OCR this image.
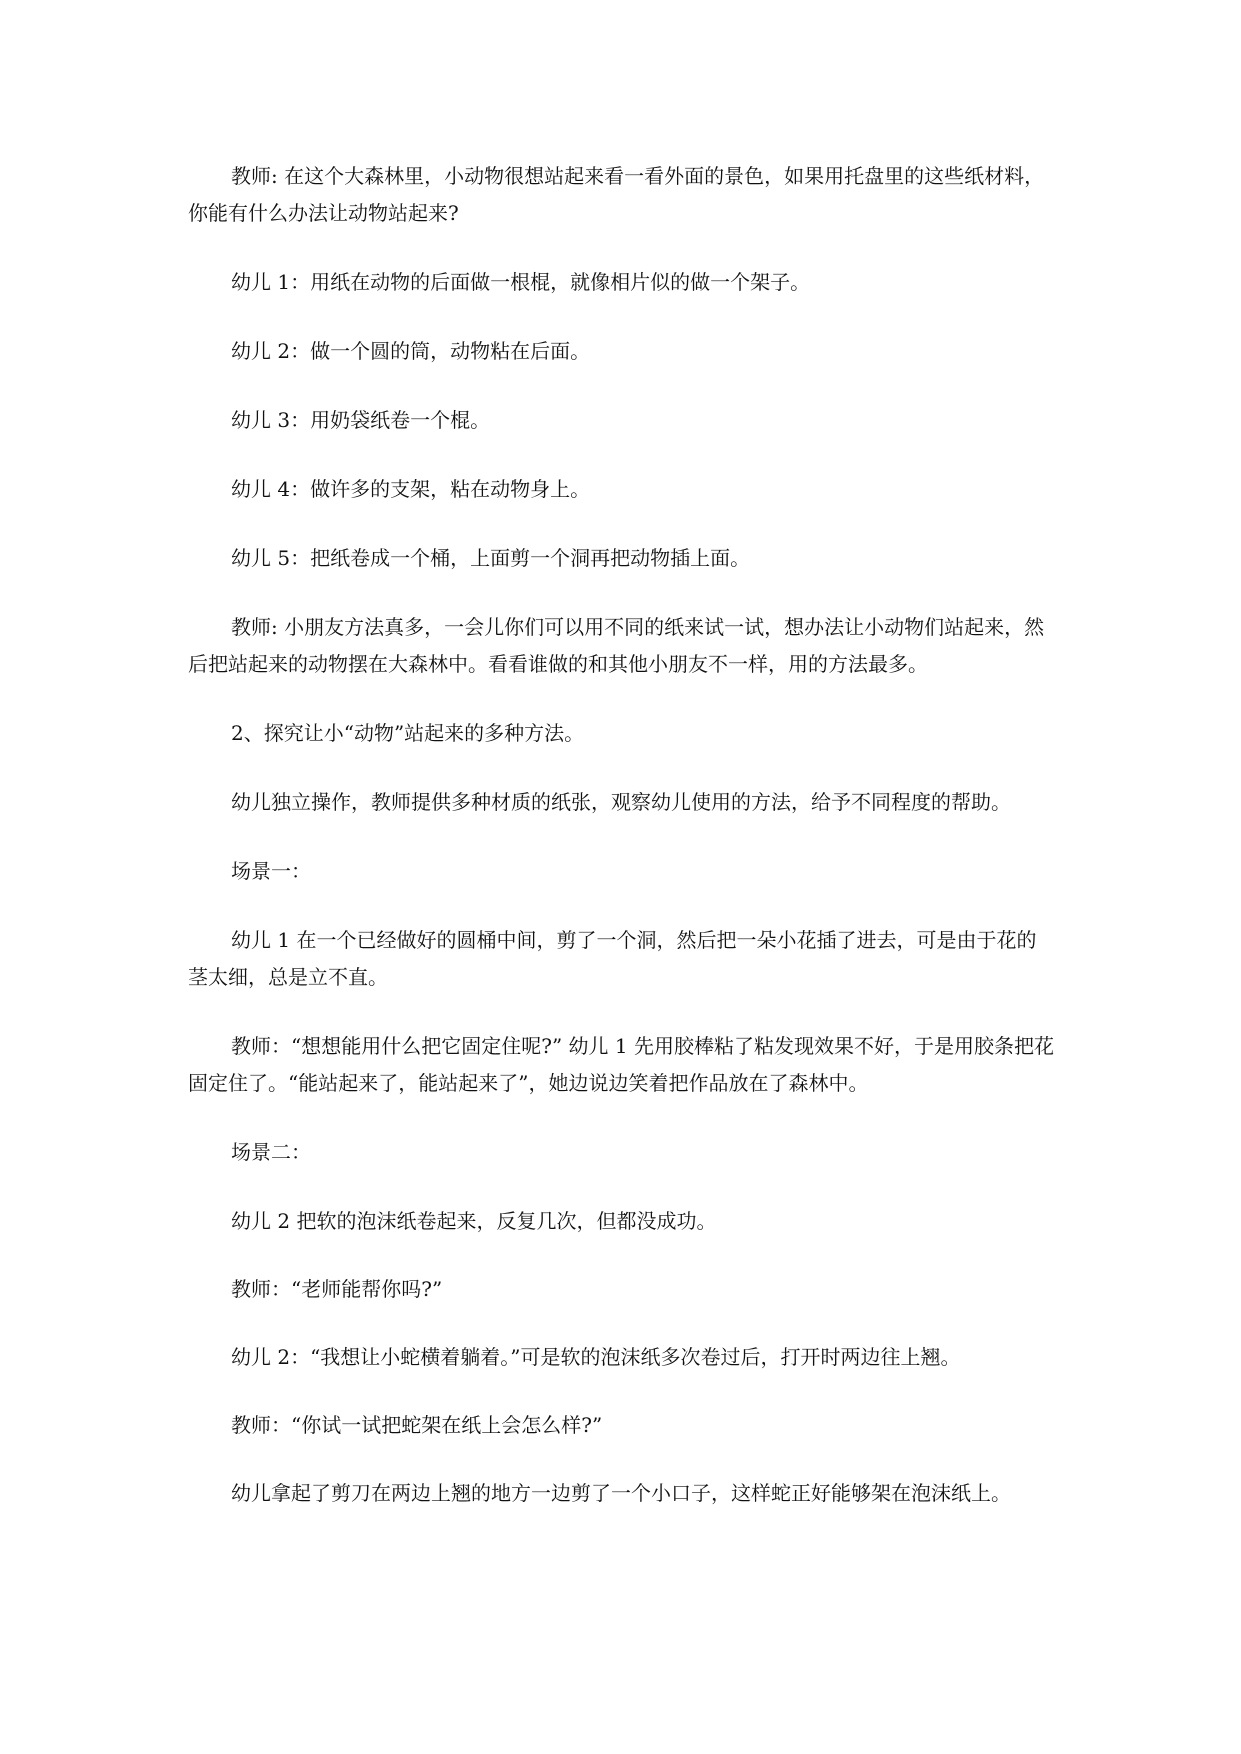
教师: 在这个大森林里，小动物很想站起来看一看外面的景色，如果用托盘里的这些纸材料，你能有什么办法让动物站起来?

幼儿 1：用纸在动物的后面做一根棍，就像相片似的做一个架子。

幼儿 2：做一个圆的筒，动物粘在后面。

幼儿 3：用奶袋纸卷一个棍。

幼儿 4：做许多的支架，粘在动物身上。

幼儿 5：把纸卷成一个桶，上面剪一个洞再把动物插上面。

教师: 小朋友方法真多，一会儿你们可以用不同的纸来试一试，想办法让小动物们站起来，然后把站起来的动物摆在大森林中。看看谁做的和其他小朋友不一样，用的方法最多。

2、探究让小“动物”站起来的多种方法。

幼儿独立操作，教师提供多种材质的纸张，观察幼儿使用的方法，给予不同程度的帮助。

场景一：

幼儿 1 在一个已经做好的圆桶中间，剪了一个洞，然后把一朵小花插了进去，可是由于花的茎太细，总是立不直。

教师：“想想能用什么把它固定住呢?” 幼儿 1 先用胶棒粘了粘发现效果不好，于是用胶条把花固定住了。“能站起来了，能站起来了”，她边说边笑着把作品放在了森林中。

场景二：

幼儿 2 把软的泡沫纸卷起来，反复几次，但都没成功。

教师：“老师能帮你吗?”

幼儿 2：“我想让小蛇横着躺着。”可是软的泡沫纸多次卷过后，打开时两边往上翘。

教师：“你试一试把蛇架在纸上会怎么样?”

幼儿拿起了剪刀在两边上翘的地方一边剪了一个小口子，这样蛇正好能够架在泡沫纸上。
